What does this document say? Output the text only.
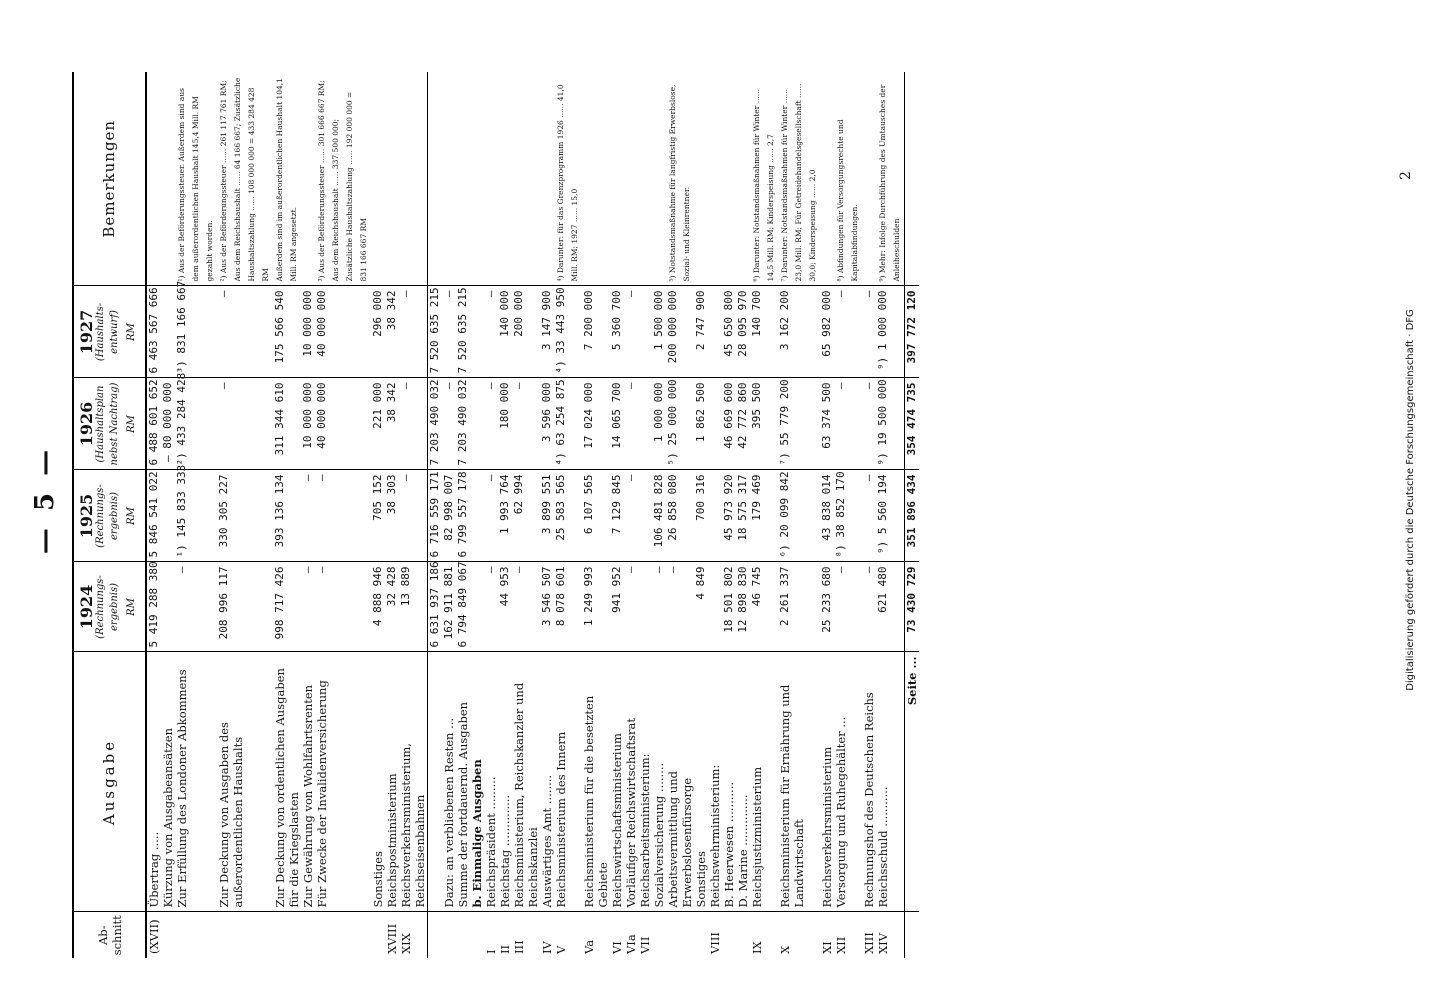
— 5 —
Ab-
schnitt	Ausgabe	1924 (Rechnungs-
ergebnis) RM	1925 (Rechnungs-
ergebnis) RM	1926 (Haushaltsplan
nebst Nachtrag) RM	1927 (Haushalts-
entwurf) RM	Bemerkungen
(XVII)	Übertrag .....	5 419 288 380	5 846 541 022	6 488 601 652	6 463 567 666	
	Kürzung von Ausgabeansätzen			— 80 000 000		
	Zur Erfüllung des Londoner Abkommens	—	¹) 145 833 333	²) 433 284 428	³) 831 166 667	¹) Aus der Beförderungssteuer. Außerdem sind aus dem außerordentlichen Haushalt 145,4 Mill. RM gezahlt worden.
	Zur Deckung von Ausgaben des außerordentlichen Haushalts	208 996 117	330 305 227	—	—	²) Aus der Beförderungssteuer ...... 261 117 761 RM; Aus dem Reichshaushalt ...... 64 166 667; Zusätzliche Haushaltszahlung ...... 108 000 000 = 433 284 428 RM
	Zur Deckung von ordentlichen Ausgaben für die Kriegslasten	998 717 426	393 136 134	311 344 610	175 566 540	Außerdem sind im außerordentlichen Haushalt 104,1 Mill. RM angesetzt.
	Zur Gewährung von Wohlfahrtsrenten	—	—	10 000 000	10 000 000	
	Für Zwecke der Invalidenversicherung	—	—	40 000 000	40 000 000	³) Aus der Beförderungssteuer ...... 301 666 667 RM; Aus dem Reichshaushalt ...... 337 500 000; Zusätzliche Haushaltszahlung ...... 192 000 000 = 831 166 667 RM
	Sonstiges	4 888 946	705 152	221 000	296 000	
XVIII	Reichspostministerium	32 428	38 303	38 342	38 342	
XIX	Reichsverkehrsministerium, Reichseisenbahnen	13 889	—	—	—	
		6 631 937 186	6 716 559 171	7 203 490 032	7 520 635 215	
	Dazu: an verbliebenen Resten ...	162 911 881	82 998 007	—	—	
	Summe der fortdauernd. Ausgaben	6 794 849 067	6 799 557 178	7 203 490 032	7 520 635 215	
	b. Einmalige Ausgaben					
I	Reichspräsident .........	—	—	—	—	
II	Reichstag ..............	44 953	1 993 764	180 000	140 000	
III	Reichsministerium, Reichskanzler und Reichskanzlei	—	62 994	—	200 000	
IV	Auswärtiges Amt ........	3 546 507	3 899 551	3 596 000	3 147 900	
V	Reichsministerium des Innern	8 078 601	25 583 565	⁴) 63 254 875	⁴) 33 443 950	⁴) Darunter: für das Grenzprogramm 1926 ...... 41,0 Mill. RM; 1927 ...... 15,0
Va	Reichsministerium für die besetzten Gebiete	1 249 993	6 107 565	17 024 000	7 200 000	
VI	Reichswirtschaftsministerium	941 952	7 129 845	14 065 700	5 360 700	
VIa	Vorläufiger Reichswirtschaftsrat	—	—	—	—	
VII	Reichsarbeitsministerium:					
	Sozialversicherung ........	—	106 481 828	1 000 000	1 500 000	
	Arbeitsvermittlung und Erwerbslosenfürsorge	—	26 858 080	⁵) 25 000 000	200 000 000	⁵) Notstandsmaßnahme für langfristig Erwerbslose, Sozial- und Kleinrentner.
	Sonstiges	4 849	700 316	1 862 500	2 747 900	
VIII	Reichswehrministerium:					
	B. Heerwesen ...........	18 501 802	45 973 920	46 669 600	45 650 800	
	D. Marine ..............	12 898 830	18 575 317	42 772 860	28 095 970	
IX	Reichsjustizministerium	46 745	179 469	395 500	140 700	⁶) Darunter: Notstandsmaßnahmen für Winter ...... 14,5 Mill. RM; Kinderspeisung ...... 2,7
X	Reichsministerium für Ernährung und Landwirtschaft	2 261 337	⁶) 20 099 842	⁷) 55 779 200	3 162 200	⁷) Darunter: Notstandsmaßnahmen für Winter ...... 23,0 Mill. RM; Für Getreidehandelsgesellschaft ...... 30,0; Kinderspeisung ...... 2,0
XI	Reichsverkehrsministerium	25 233 680	43 838 014	63 374 500	65 982 000	
XII	Versorgung und Ruhegehälter ...	—	⁸) 38 852 170	—	—	⁸) Abfindungen für Versorgungsrechte und Kapitalabfindungen.
XIII	Rechnungshof des Deutschen Reichs	—	—	—	—	
XIV	Reichsschuld ...........	621 480	⁹) 5 560 194	⁹) 19 500 000	⁹) 1 000 000	⁹) Mehr: Infolge Durchführung des Umtausches der Anleiheschulden
	Seite ...	73 430 729	351 896 434	354 474 735	397 772 120	
2
Digitalisierung gefördert durch die Deutsche Forschungsgemeinschaft · DFG
